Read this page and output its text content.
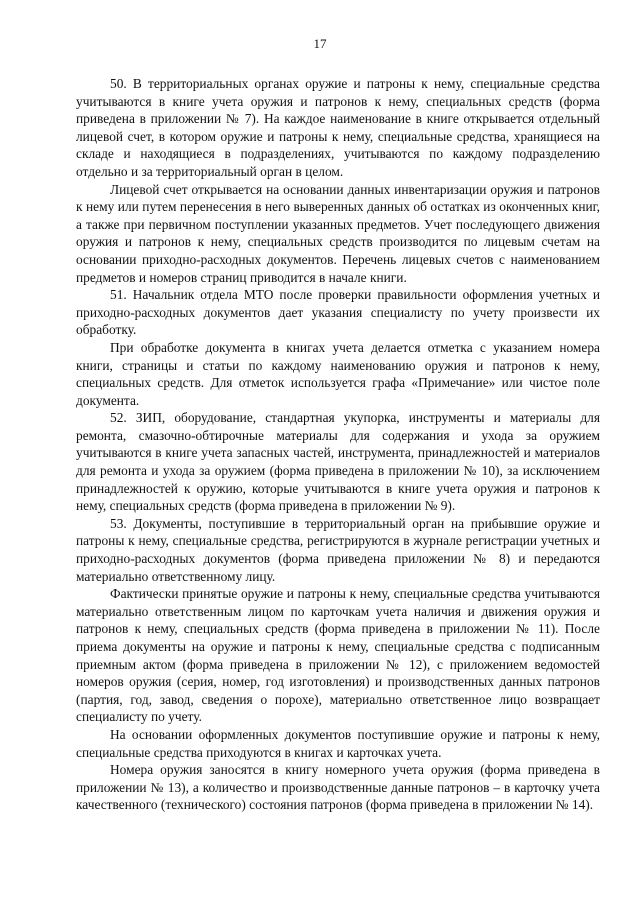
17

50. В территориальных органах оружие и патроны к нему, специальные средства учитываются в книге учета оружия и патронов к нему, специальных средств (форма приведена в приложении № 7). На каждое наименование в книге открывается отдельный лицевой счет, в котором оружие и патроны к нему, специальные средства, хранящиеся на складе и находящиеся в подразделениях, учитываются по каждому подразделению отдельно и за территориальный орган в целом.

Лицевой счет открывается на основании данных инвентаризации оружия и патронов к нему или путем перенесения в него выверенных данных об остатках из оконченных книг, а также при первичном поступлении указанных предметов. Учет последующего движения оружия и патронов к нему, специальных средств производится по лицевым счетам на основании приходно-расходных документов. Перечень лицевых счетов с наименованием предметов и номеров страниц приводится в начале книги.

51. Начальник отдела МТО после проверки правильности оформления учетных и приходно-расходных документов дает указания специалисту по учету произвести их обработку.

При обработке документа в книгах учета делается отметка с указанием номера книги, страницы и статьи по каждому наименованию оружия и патронов к нему, специальных средств. Для отметок используется графа «Примечание» или чистое поле документа.

52. ЗИП, оборудование, стандартная укупорка, инструменты и материалы для ремонта, смазочно-обтирочные материалы для содержания и ухода за оружием учитываются в книге учета запасных частей, инструмента, принадлежностей и материалов для ремонта и ухода за оружием (форма приведена в приложении № 10), за исключением принадлежностей к оружию, которые учитываются в книге учета оружия и патронов к нему, специальных средств (форма приведена в приложении № 9).

53. Документы, поступившие в территориальный орган на прибывшие оружие и патроны к нему, специальные средства, регистрируются в журнале регистрации учетных и приходно-расходных документов (форма приведена приложении № 8) и передаются материально ответственному лицу.

Фактически принятые оружие и патроны к нему, специальные средства учитываются материально ответственным лицом по карточкам учета наличия и движения оружия и патронов к нему, специальных средств (форма приведена в приложении № 11). После приема документы на оружие и патроны к нему, специальные средства с подписанным приемным актом (форма приведена в приложении № 12), с приложением ведомостей номеров оружия (серия, номер, год изготовления) и производственных данных патронов (партия, год, завод, сведения о порохе), материально ответственное лицо возвращает специалисту по учету.

На основании оформленных документов поступившие оружие и патроны к нему, специальные средства приходуются в книгах и карточках учета.

Номера оружия заносятся в книгу номерного учета оружия (форма приведена в приложении № 13), а количество и производственные данные патронов – в карточку учета качественного (технического) состояния патронов (форма приведена в приложении № 14).
